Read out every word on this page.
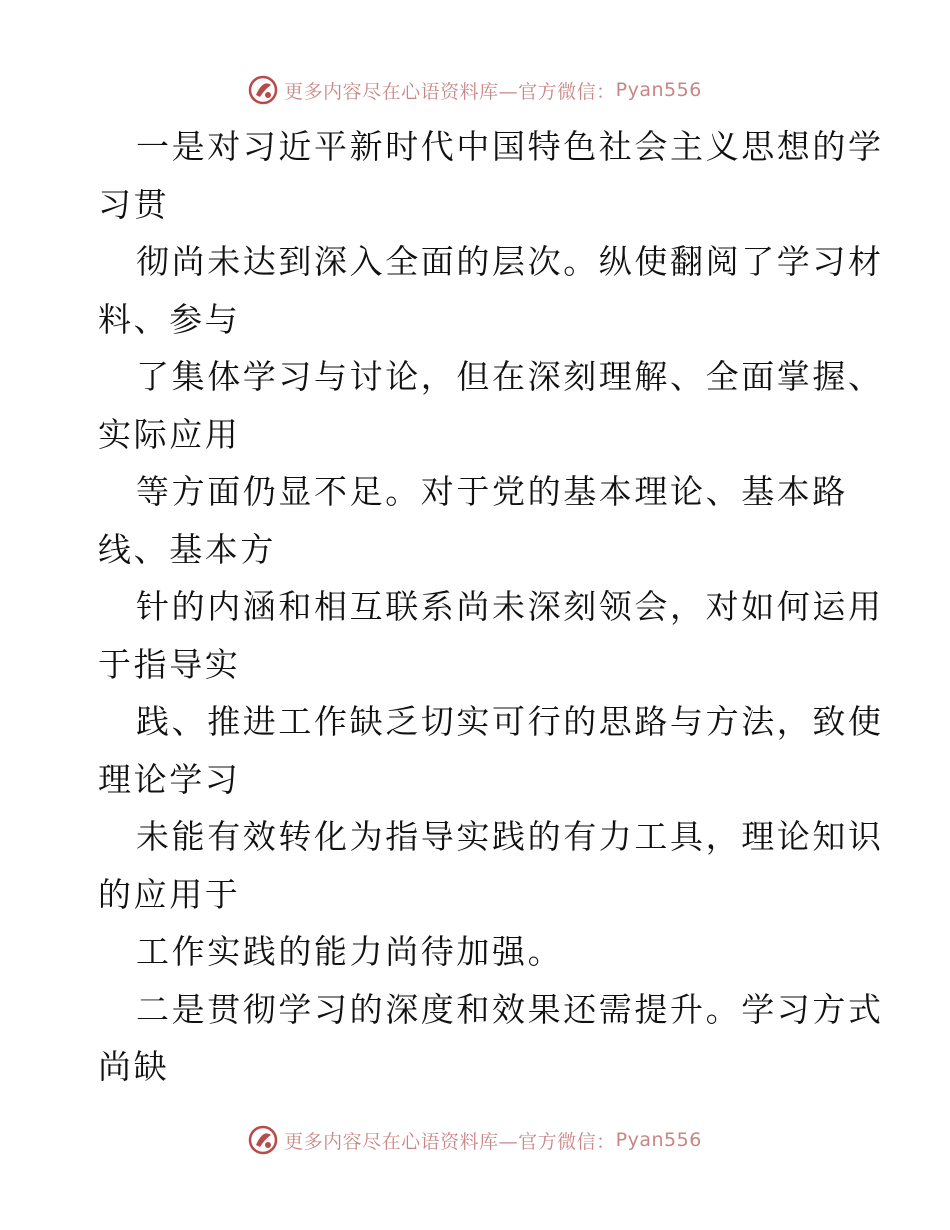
更多内容尽在心语资料库—官方微信： Pyan556
一是对习近平新时代中国特色社会主义思想的学
习贯
彻尚未达到深入全面的层次。纵使翻阅了学习材
料、参与
了集体学习与讨论，但在深刻理解、全面掌握、
实际应用
等方面仍显不足。对于党的基本理论、基本路
线、基本方
针的内涵和相互联系尚未深刻领会，对如何运用
于指导实
践、推进工作缺乏切实可行的思路与方法，致使
理论学习
未能有效转化为指导实践的有力工具，理论知识
的应用于
工作实践的能力尚待加强。
二是贯彻学习的深度和效果还需提升。学习方式
尚缺
更多内容尽在心语资料库—官方微信： Pyan556
